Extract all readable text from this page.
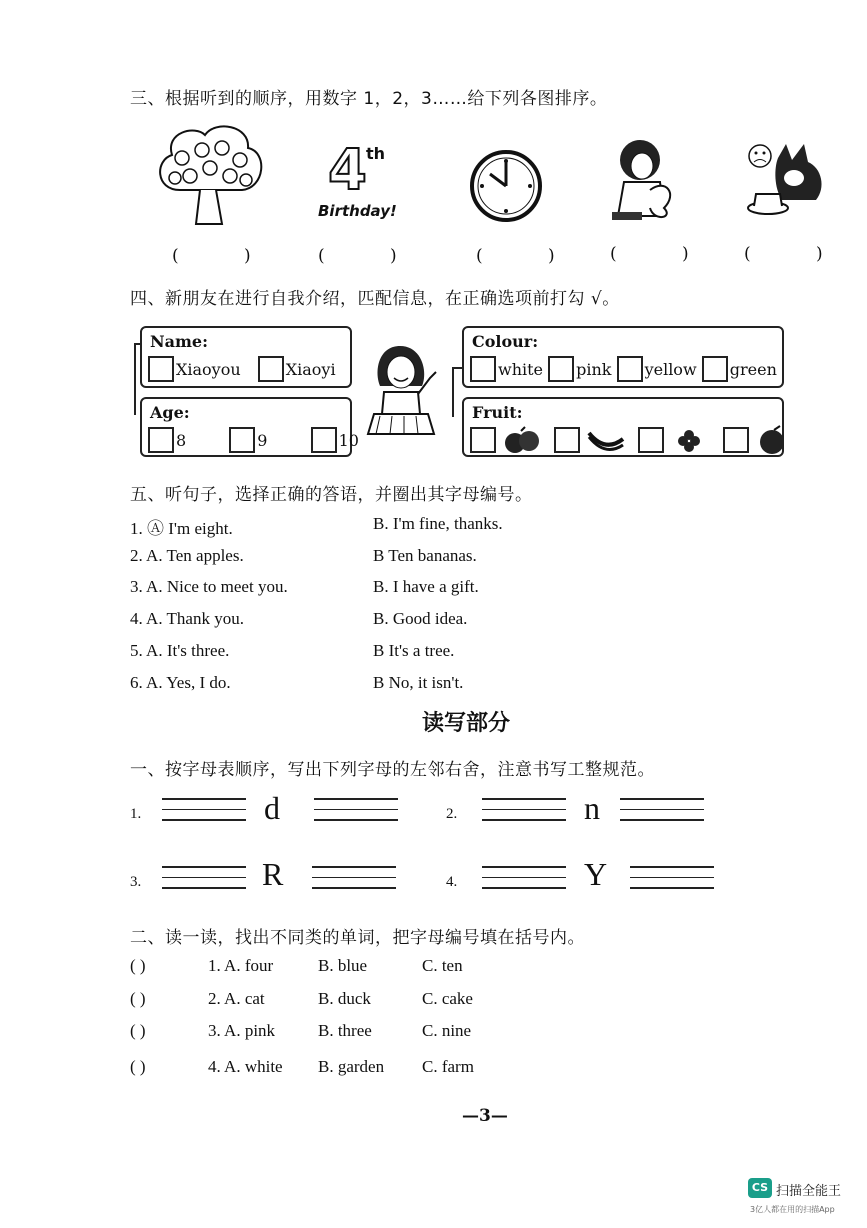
三、根据听到的顺序，用数字 1，2，3……给下列各图排序。
4 th
Birthday!
( ) ( )	( ) ( ) ( )
四、新朋友在进行自我介绍，匹配信息，在正确选项前打勾 √。
Name:
Xiaoyou	Xiaoyi
Age:
8	9	10
Colour:
white pink yellow green
Fruit:

五、听句子，选择正确的答语，并圈出其字母编号。
1. Ⓐ I'm eight.	B. I'm fine, thanks.
2. A. Ten apples.	B Ten bananas.
3. A. Nice to meet you.	B. I have a gift.
4. A. Thank you.	B. Good idea.
5. A. It's three.	B It's a tree.
6. A. Yes, I do.	B No, it isn't.
读写部分
一、按字母表顺序，写出下列字母的左邻右舍，注意书写工整规范。
1.	d	2.	n
3.	R	4.	Y
二、读一读，找出不同类的单词，把字母编号填在括号内。
( )	1. A. four	B. blue	C. ten
( )	2. A. cat	B. duck	C. cake
( )	3. A. pink	B. three	C. nine
( )	4. A. white B. garden C. farm
—3—
CS 扫描全能王
3亿人都在用的扫描App
